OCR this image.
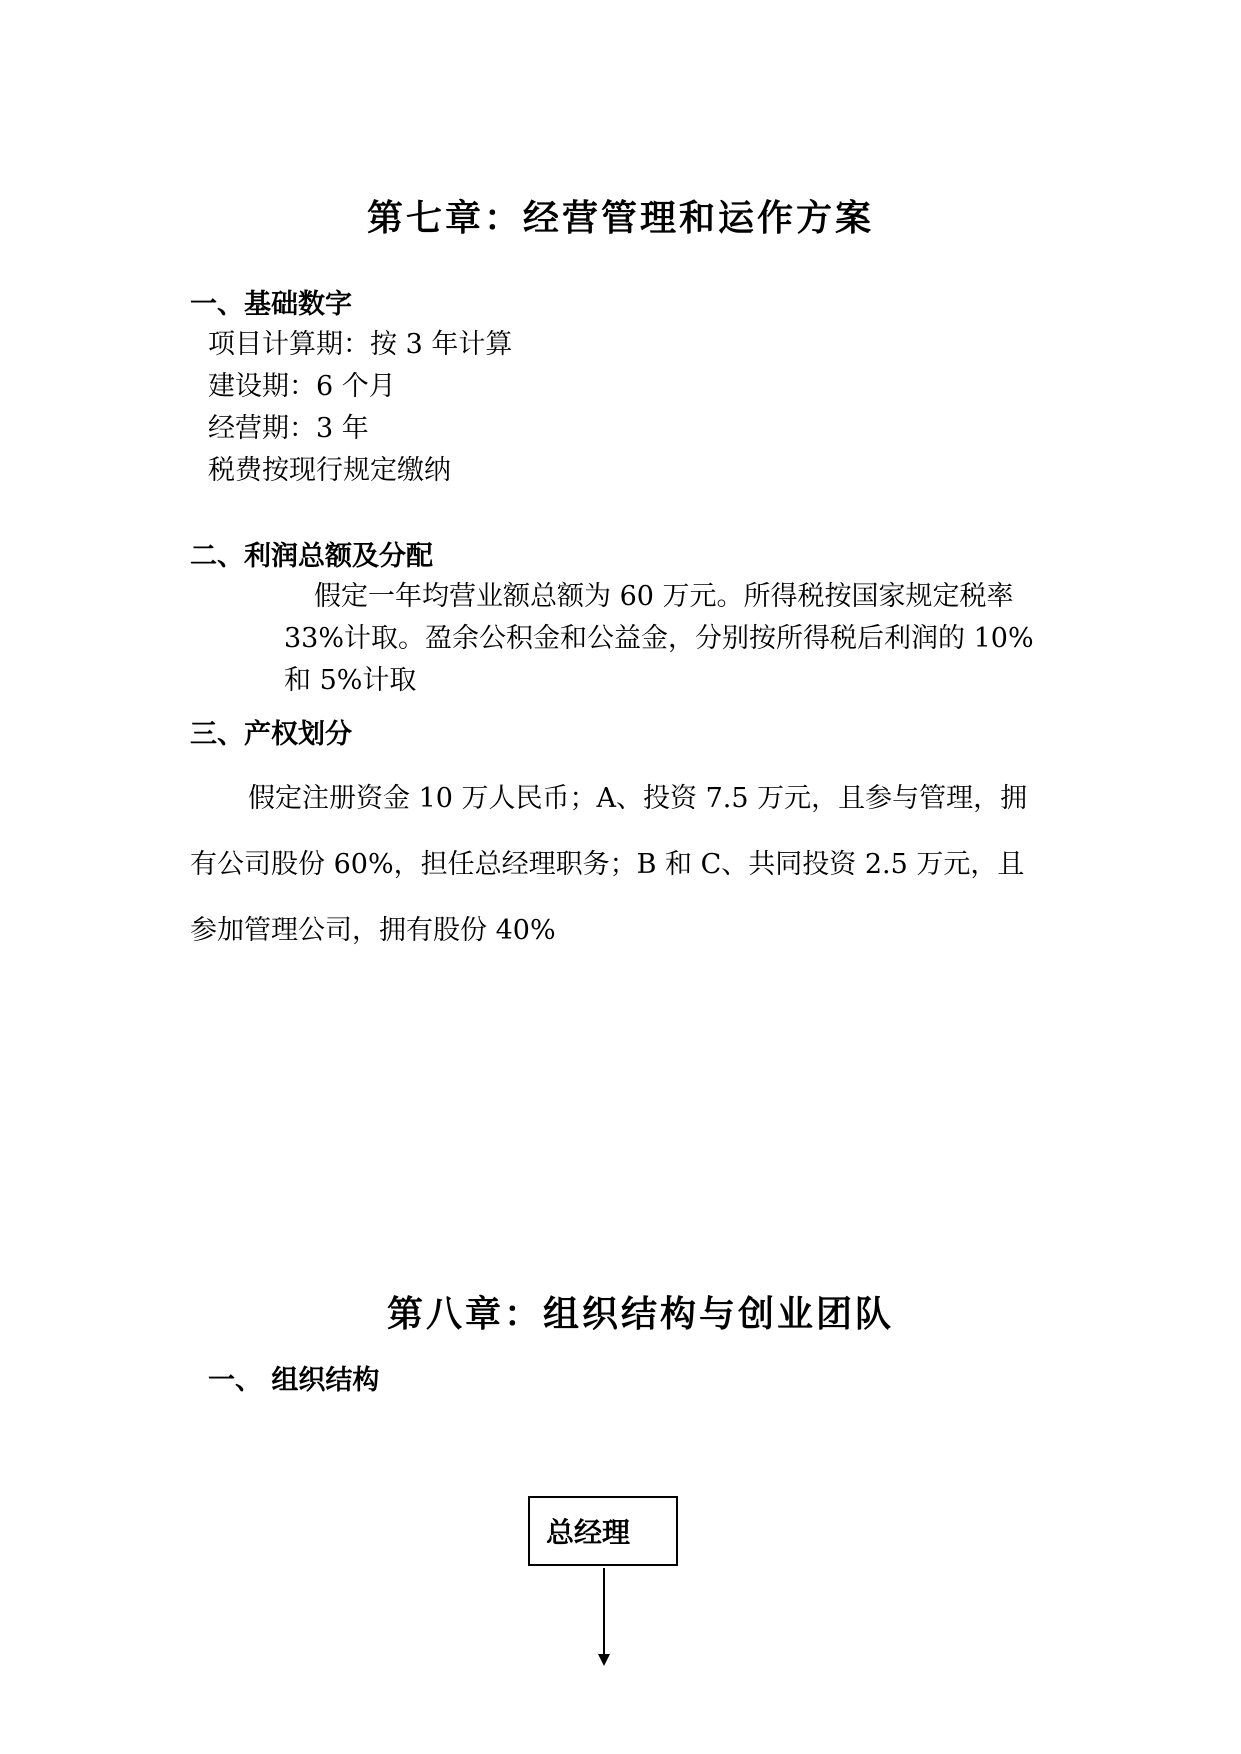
第七章：经营管理和运作方案
一、基础数字

项目计算期：按 3 年计算

建设期：6 个月

经营期：3 年

税费按现行规定缴纳

二、利润总额及分配

假定一年均营业额总额为 60 万元。所得税按国家规定税率

33%计取。盈余公积金和公益金，分别按所得税后利润的 10%

和 5%计取

三、产权划分

假定注册资金 10 万人民币；A、投资 7.5 万元，且参与管理，拥

有公司股份 60%，担任总经理职务；B 和 C、共同投资 2.5 万元，且

参加管理公司，拥有股份 40%

第八章：组织结构与创业团队
一、 组织结构
总经理
